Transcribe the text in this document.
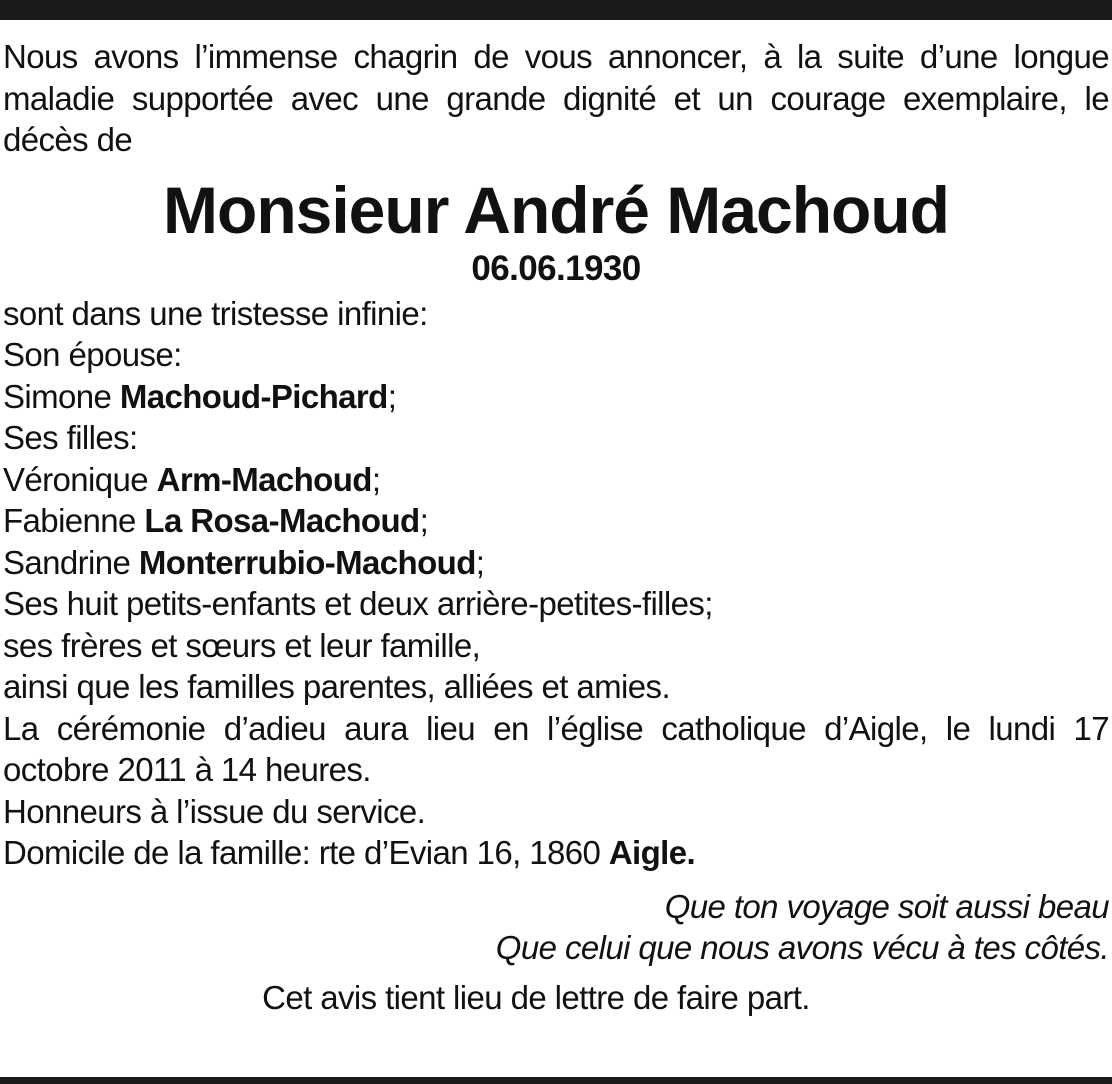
Nous avons l’immense chagrin de vous annoncer, à la suite d’une longue maladie supportée avec une grande dignité et un courage exemplaire, le décès de

Monsieur André Machoud
06.06.1930
sont dans une tristesse infinie:
Son épouse:
Simone Machoud-Pichard;
Ses filles:
Véronique Arm-Machoud;
Fabienne La Rosa-Machoud;
Sandrine Monterrubio-Machoud;
Ses huit petits-enfants et deux arrière-petites-filles;
ses frères et sœurs et leur famille,
ainsi que les familles parentes, alliées et amies.
La cérémonie d’adieu aura lieu en l’église catholique d’Aigle, le lundi 17 octobre 2011 à 14 heures.
Honneurs à l’issue du service.
Domicile de la famille: rte d’Evian 16, 1860 Aigle.
Que ton voyage soit aussi beau
Que celui que nous avons vécu à tes côtés.
Cet avis tient lieu de lettre de faire part.
